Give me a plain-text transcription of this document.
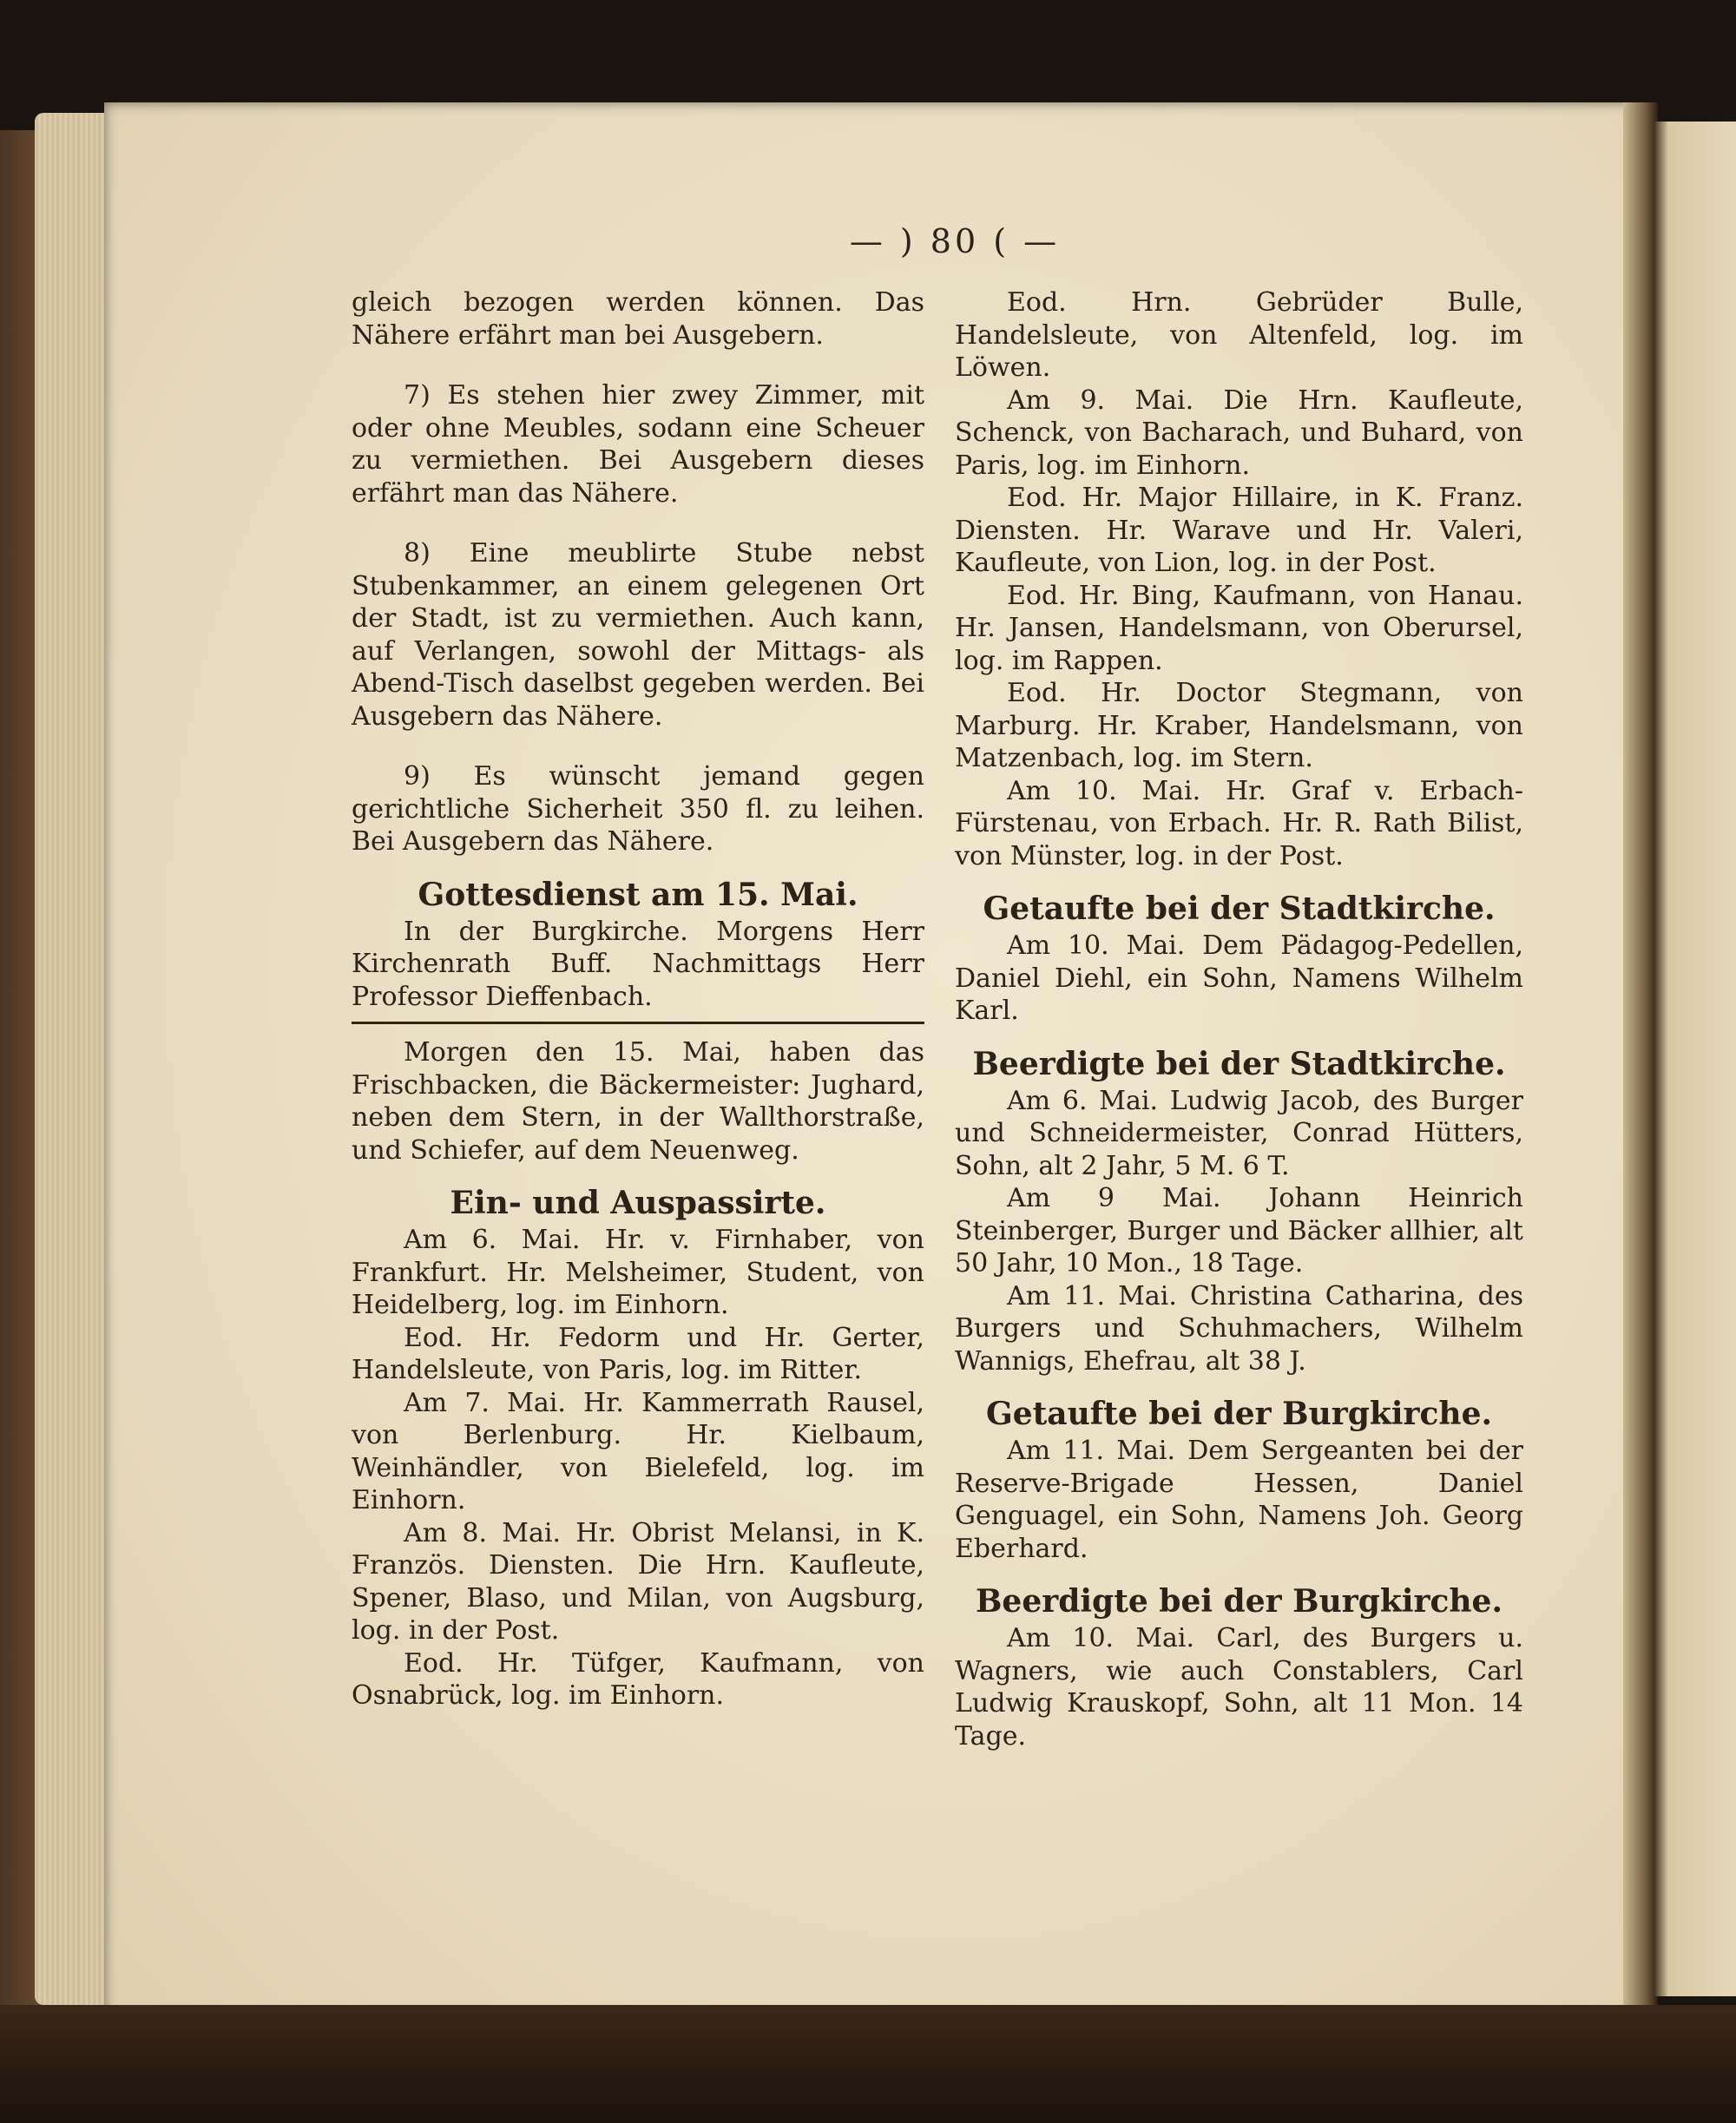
— ) 80 ( —

gleich bezogen werden können. Das Nähere erfährt man bei Ausgebern.

7) Es stehen hier zwey Zimmer, mit oder ohne Meubles, sodann eine Scheuer zu vermiethen. Bei Ausgebern dieses erfährt man das Nähere.

8) Eine meublirte Stube nebst Stubenkammer, an einem gelegenen Ort der Stadt, ist zu vermiethen. Auch kann, auf Verlangen, sowohl der Mittags- als Abend-Tisch daselbst gegeben werden. Bei Ausgebern das Nähere.

9) Es wünscht jemand gegen gerichtliche Sicherheit 350 fl. zu leihen. Bei Ausgebern das Nähere.

Gottesdienst am 15. Mai.

In der Burgkirche. Morgens Herr Kirchenrath Buff. Nachmittags Herr Professor Dieffenbach.

Morgen den 15. Mai, haben das Frischbacken, die Bäckermeister: Jughard, neben dem Stern, in der Wallthorstraße, und Schiefer, auf dem Neuenweg.

Ein- und Auspassirte.

Am 6. Mai. Hr. v. Firnhaber, von Frankfurt. Hr. Melsheimer, Student, von Heidelberg, log. im Einhorn.

Eod. Hr. Fedorm und Hr. Gerter, Handelsleute, von Paris, log. im Ritter.

Am 7. Mai. Hr. Kammerrath Rausel, von Berlenburg. Hr. Kielbaum, Weinhändler, von Bielefeld, log. im Einhorn.

Am 8. Mai. Hr. Obrist Melansi, in K. Französ. Diensten. Die Hrn. Kaufleute, Spener, Blaso, und Milan, von Augsburg, log. in der Post.

Eod. Hr. Tüfger, Kaufmann, von Osnabrück, log. im Einhorn.

Eod. Hrn. Gebrüder Bulle, Handelsleute, von Altenfeld, log. im Löwen.

Am 9. Mai. Die Hrn. Kaufleute, Schenck, von Bacharach, und Buhard, von Paris, log. im Einhorn.

Eod. Hr. Major Hillaire, in K. Franz. Diensten. Hr. Warave und Hr. Valeri, Kaufleute, von Lion, log. in der Post.

Eod. Hr. Bing, Kaufmann, von Hanau. Hr. Jansen, Handelsmann, von Oberursel, log. im Rappen.

Eod. Hr. Doctor Stegmann, von Marburg. Hr. Kraber, Handelsmann, von Matzenbach, log. im Stern.

Am 10. Mai. Hr. Graf v. Erbach-Fürstenau, von Erbach. Hr. R. Rath Bilist, von Münster, log. in der Post.

Getaufte bei der Stadtkirche.

Am 10. Mai. Dem Pädagog-Pedellen, Daniel Diehl, ein Sohn, Namens Wilhelm Karl.

Beerdigte bei der Stadtkirche.

Am 6. Mai. Ludwig Jacob, des Burger und Schneidermeister, Conrad Hütters, Sohn, alt 2 Jahr, 5 M. 6 T.

Am 9 Mai. Johann Heinrich Steinberger, Burger und Bäcker allhier, alt 50 Jahr, 10 Mon., 18 Tage.

Am 11. Mai. Christina Catharina, des Burgers und Schuhmachers, Wilhelm Wannigs, Ehefrau, alt 38 J.

Getaufte bei der Burgkirche.

Am 11. Mai. Dem Sergeanten bei der Reserve-Brigade Hessen, Daniel Genguagel, ein Sohn, Namens Joh. Georg Eberhard.

Beerdigte bei der Burgkirche.

Am 10. Mai. Carl, des Burgers u. Wagners, wie auch Constablers, Carl Ludwig Krauskopf, Sohn, alt 11 Mon. 14 Tage.
